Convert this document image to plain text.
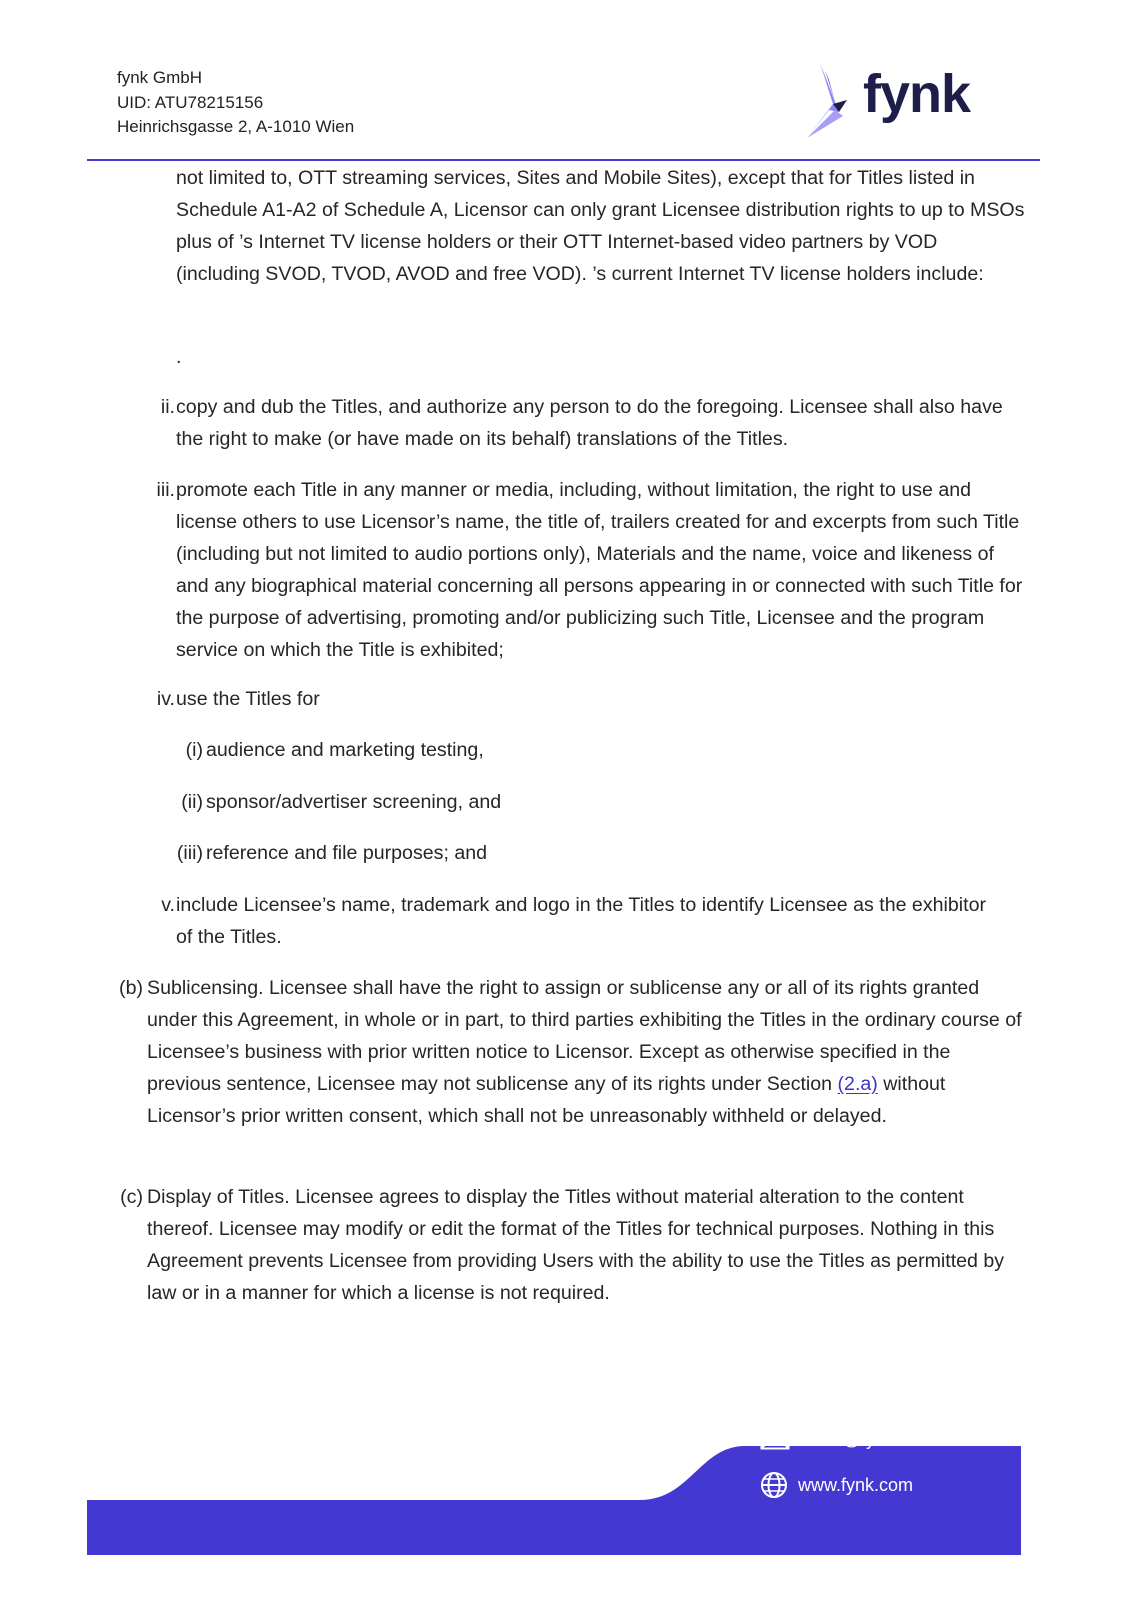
fynk GmbH
UID: ATU78215156
Heinrichsgasse 2, A-1010 Wien
fynk

not limited to, OTT streaming services, Sites and Mobile Sites), except that for Titles listed in Schedule A1-A2 of Schedule A, Licensor can only grant Licensee distribution rights to up to MSOs plus of ’s Internet TV license holders or their OTT Internet-based video partners by VOD (including SVOD, TVOD, AVOD and free VOD). ’s current Internet TV license holders include:

.
ii. copy and dub the Titles, and authorize any person to do the foregoing. Licensee shall also have the right to make (or have made on its behalf) translations of the Titles.

iii. promote each Title in any manner or media, including, without limitation, the right to use and license others to use Licensor’s name, the title of, trailers created for and excerpts from such Title (including but not limited to audio portions only), Materials and the name, voice and likeness of and any biographical material concerning all persons appearing in or connected with such Title for the purpose of advertising, promoting and/or publicizing such Title, Licensee and the program service on which the Title is exhibited;

iv. use the Titles for

(i) audience and marketing testing,
(ii) sponsor/advertiser screening, and
(iii) reference and file purposes; and
v. include Licensee’s name, trademark and logo in the Titles to identify Licensee as the exhibitor of the Titles.

(b) Sublicensing. Licensee shall have the right to assign or sublicense any or all of its rights granted under this Agreement, in whole or in part, to third parties exhibiting the Titles in the ordinary course of Licensee’s business with prior written notice to Licensor. Except as otherwise specified in the previous sentence, Licensee may not sublicense any of its rights under Section (2.a) without Licensor’s prior written consent, which shall not be unreasonably withheld or delayed.

(c) Display of Titles. Licensee agrees to display the Titles without material alteration to the content thereof. Licensee may modify or edit the format of the Titles for technical purposes. Nothing in this Agreement prevents Licensee from providing Users with the ability to use the Titles as permitted by law or in a manner for which a license is not required.

office@fynk.com
www.fynk.com
